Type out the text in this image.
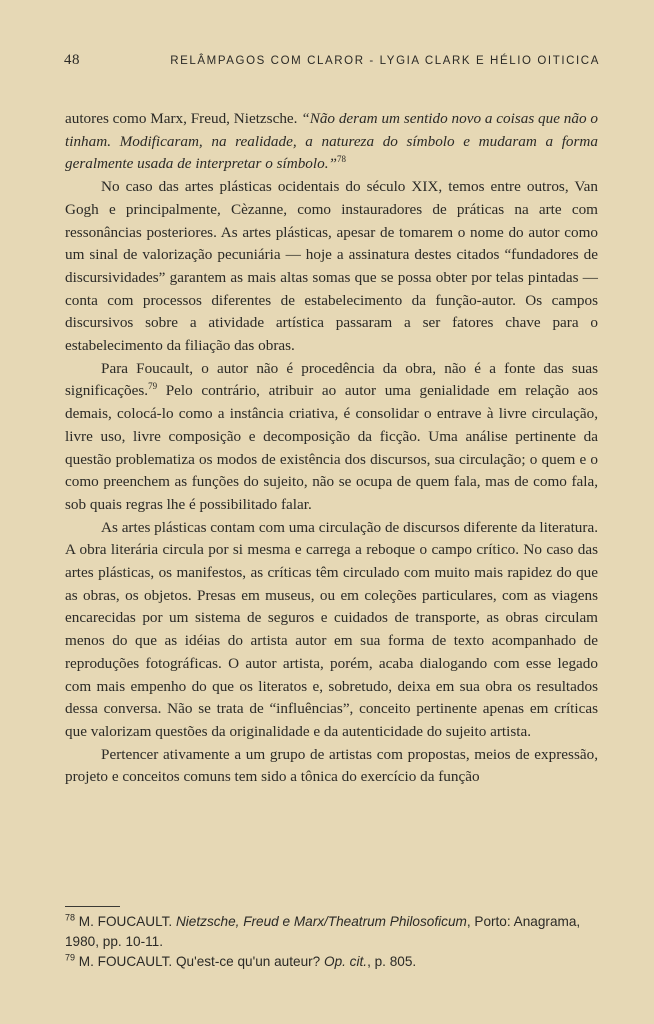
48	RELÂMPAGOS COM CLAROR - LYGIA CLARK E HÉLIO OITICICA

autores como Marx, Freud, Nietzsche. “Não deram um sentido novo a coisas que não o tinham. Modificaram, na realidade, a natureza do símbolo e mudaram a forma geralmente usada de interpretar o símbolo.”$^{78}$

No caso das artes plásticas ocidentais do século XIX, temos entre outros, Van Gogh e principalmente, Cèzanne, como instauradores de práticas na arte com ressonâncias posteriores. As artes plásticas, apesar de tomarem o nome do autor como um sinal de valorização pecuniária — hoje a assinatura destes citados “fundadores de discursividades” garantem as mais altas somas que se possa obter por telas pintadas — conta com processos diferentes de estabelecimento da função-autor. Os campos discursivos sobre a atividade artística passaram a ser fatores chave para o estabelecimento da filiação das obras.

Para Foucault, o autor não é procedência da obra, não é a fonte das suas significações.$^{79}$ Pelo contrário, atribuir ao autor uma genialidade em relação aos demais, colocá-lo como a instância criativa, é consolidar o entrave à livre circulação, livre uso, livre composição e decomposição da ficção. Uma análise pertinente da questão problematiza os modos de existência dos discursos, sua circulação; o quem e o como preenchem as funções do sujeito, não se ocupa de quem fala, mas de como fala, sob quais regras lhe é possibilitado falar.

As artes plásticas contam com uma circulação de discursos diferente da literatura. A obra literária circula por si mesma e carrega a reboque o campo crítico. No caso das artes plásticas, os manifestos, as críticas têm circulado com muito mais rapidez do que as obras, os objetos. Presas em museus, ou em coleções particulares, com as viagens encarecidas por um sistema de seguros e cuidados de transporte, as obras circulam menos do que as idéias do artista autor em sua forma de texto acompanhado de reproduções fotográficas. O autor artista, porém, acaba dialogando com esse legado com mais empenho do que os literatos e, sobretudo, deixa em sua obra os resultados dessa conversa. Não se trata de “influências”, conceito pertinente apenas em críticas que valorizam questões da originalidade e da autenticidade do sujeito artista.

Pertencer ativamente a um grupo de artistas com propostas, meios de expressão, projeto e conceitos comuns tem sido a tônica do exercício da função

$^{78}$ M. FOUCAULT. Nietzsche, Freud e Marx/Theatrum Philosoficum, Porto: Anagrama, 1980, pp. 10-11.

$^{79}$ M. FOUCAULT. Qu'est-ce qu'un auteur? Op. cit., p. 805.
